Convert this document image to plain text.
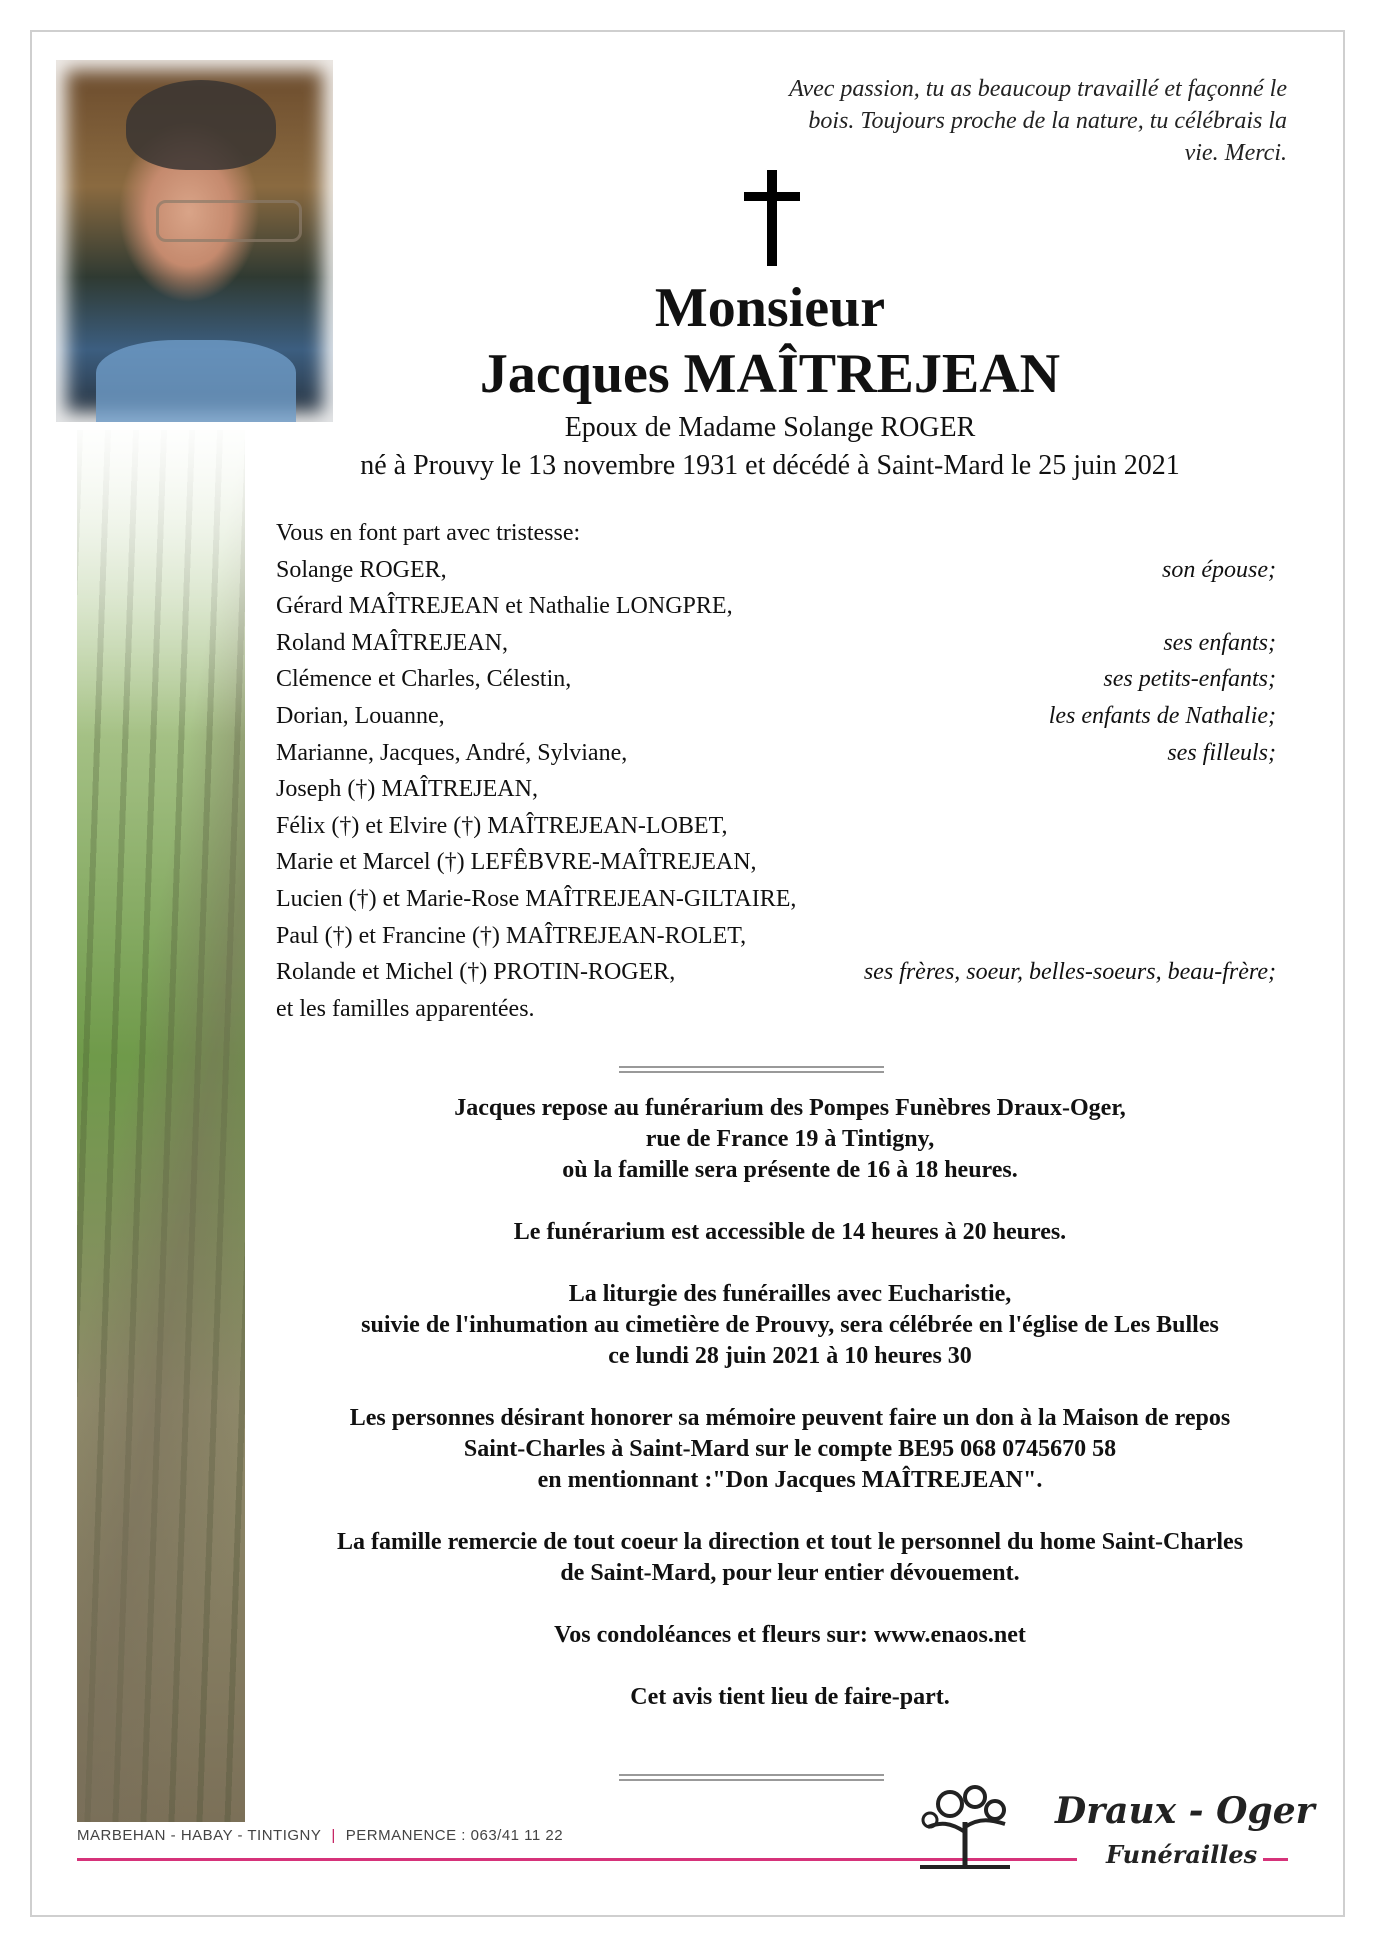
Avec passion, tu as beaucoup travaillé et façonné le
bois. Toujours proche de la nature, tu célébrais la
vie. Merci.
Monsieur
Jacques MAÎTREJEAN
Epoux de Madame Solange ROGER
né à Prouvy le 13 novembre 1931 et décédé à Saint-Mard le 25 juin 2021
Vous en font part avec tristesse:
Solange ROGER,	son épouse;
Gérard MAÎTREJEAN et Nathalie LONGPRE,
Roland MAÎTREJEAN,	ses enfants;
Clémence et Charles, Célestin,	ses petits-enfants;
Dorian, Louanne,	les enfants de Nathalie;
Marianne, Jacques, André, Sylviane,	ses filleuls;
Joseph (†) MAÎTREJEAN,
Félix (†) et Elvire (†) MAÎTREJEAN-LOBET,
Marie et Marcel (†) LEFÊBVRE-MAÎTREJEAN,
Lucien (†) et Marie-Rose MAÎTREJEAN-GILTAIRE,
Paul (†) et Francine (†) MAÎTREJEAN-ROLET,
Rolande et Michel (†) PROTIN-ROGER,	ses frères, soeur, belles-soeurs, beau-frère;
et les familles apparentées.

Jacques repose au funérarium des Pompes Funèbres Draux-Oger,
rue de France 19 à Tintigny,
où la famille sera présente de 16 à 18 heures.

Le funérarium est accessible de 14 heures à 20 heures.

La liturgie des funérailles avec Eucharistie,
suivie de l'inhumation au cimetière de Prouvy, sera célébrée en l'église de Les Bulles
ce lundi 28 juin 2021 à 10 heures 30

Les personnes désirant honorer sa mémoire peuvent faire un don à la Maison de repos
Saint-Charles à Saint-Mard sur le compte BE95 068 0745670 58
en mentionnant :"Don Jacques MAÎTREJEAN".

La famille remercie de tout coeur la direction et tout le personnel du home Saint-Charles
de Saint-Mard, pour leur entier dévouement.

Vos condoléances et fleurs sur: www.enaos.net

Cet avis tient lieu de faire-part.

MARBEHAN - HABAY - TINTIGNY | PERMANENCE : 063/41 11 22
Draux - Oger
Funérailles
